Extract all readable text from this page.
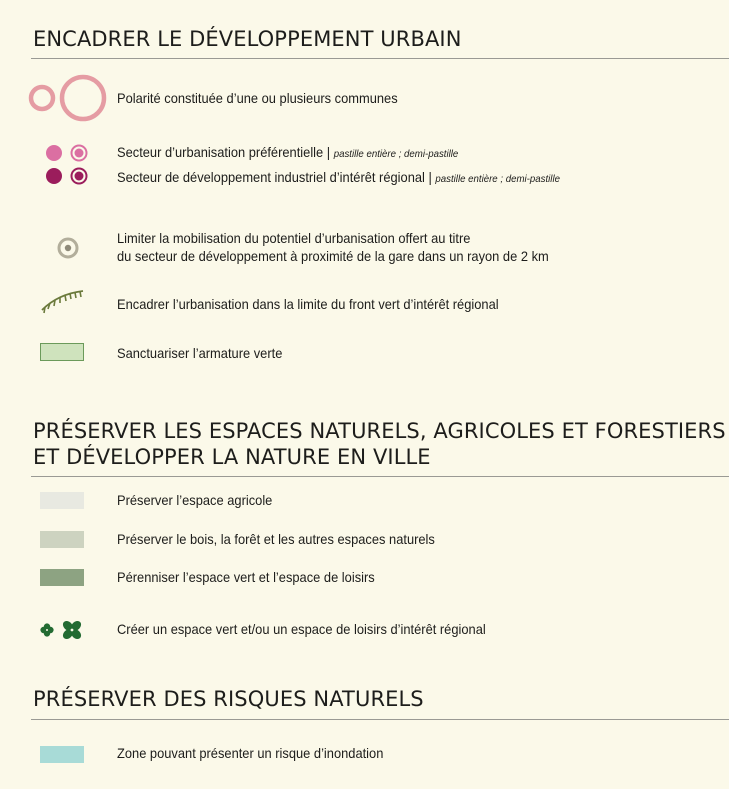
ENCADRER LE DÉVELOPPEMENT URBAIN
Polarité constituée d’une ou plusieurs communes
Secteur d’urbanisation préférentielle | pastille entière ; demi-pastille
Secteur de développement industriel d’intérêt régional | pastille entière ; demi-pastille
Limiter la mobilisation du potentiel d’urbanisation offert au titre
du secteur de développement à proximité de la gare dans un rayon de 2 km
Encadrer l’urbanisation dans la limite du front vert d’intérêt régional
Sanctuariser l’armature verte
PRÉSERVER LES ESPACES NATURELS, AGRICOLES ET FORESTIERS
ET DÉVELOPPER LA NATURE EN VILLE
Préserver l’espace agricole
Préserver le bois, la forêt et les autres espaces naturels
Pérenniser l’espace vert et l’espace de loisirs
Créer un espace vert et/ou un espace de loisirs d’intérêt régional
PRÉSERVER DES RISQUES NATURELS
Zone pouvant présenter un risque d’inondation
